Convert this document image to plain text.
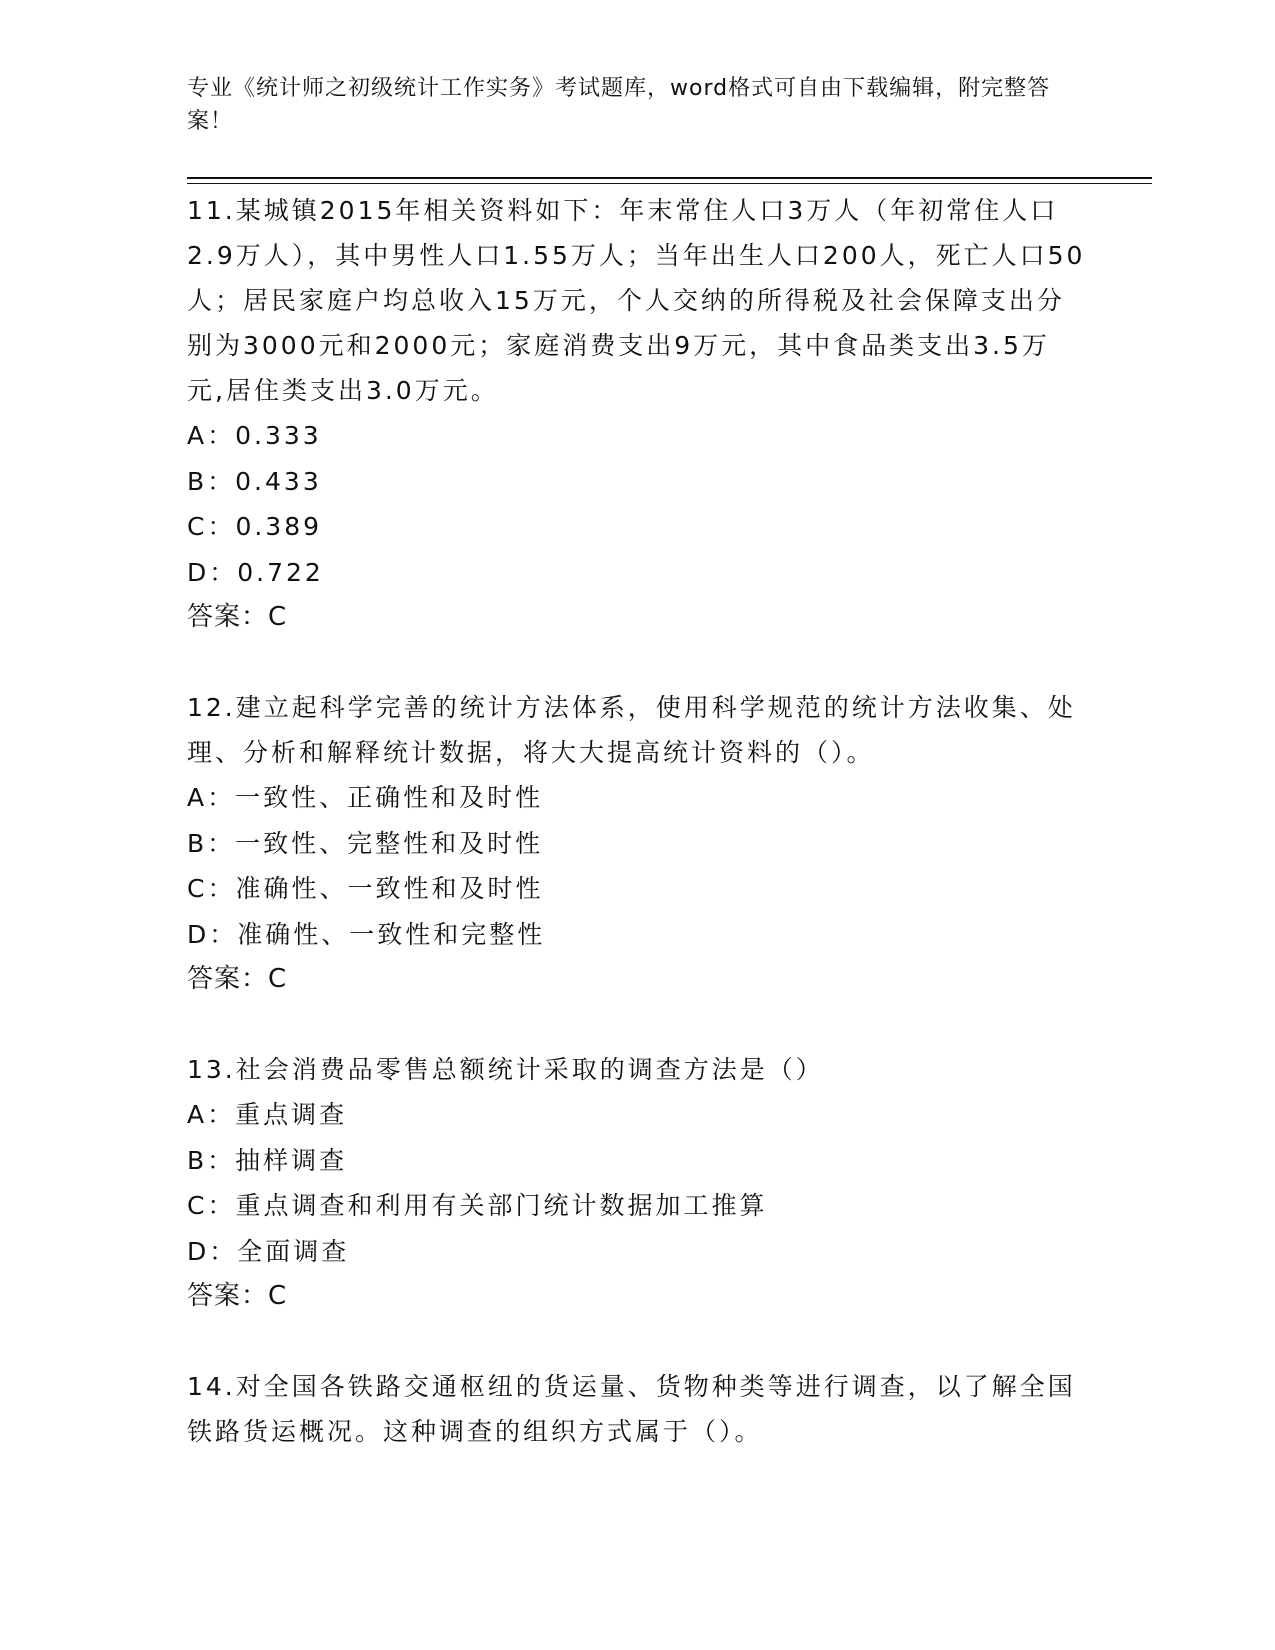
专业《统计师之初级统计工作实务》考试题库，word格式可自由下载编辑，附完整答案！

11.某城镇2015年相关资料如下：年末常住人口3万人（年初常住人口2.9万人），其中男性人口1.55万人；当年出生人口200人，死亡人口50人；居民家庭户均总收入15万元，个人交纳的所得税及社会保障支出分别为3000元和2000元；家庭消费支出9万元，其中食品类支出3.5万元,居住类支出3.0万元。

A：0.333

B：0.433

C：0.389

D：0.722

答案：C

12.建立起科学完善的统计方法体系，使用科学规范的统计方法收集、处理、分析和解释统计数据，将大大提高统计资料的（）。

A：一致性、正确性和及时性

B：一致性、完整性和及时性

C：准确性、一致性和及时性

D：准确性、一致性和完整性

答案：C

13.社会消费品零售总额统计采取的调查方法是（）

A：重点调查

B：抽样调查

C：重点调查和利用有关部门统计数据加工推算

D：全面调查

答案：C

14.对全国各铁路交通枢纽的货运量、货物种类等进行调查，以了解全国铁路货运概况。这种调查的组织方式属于（）。
